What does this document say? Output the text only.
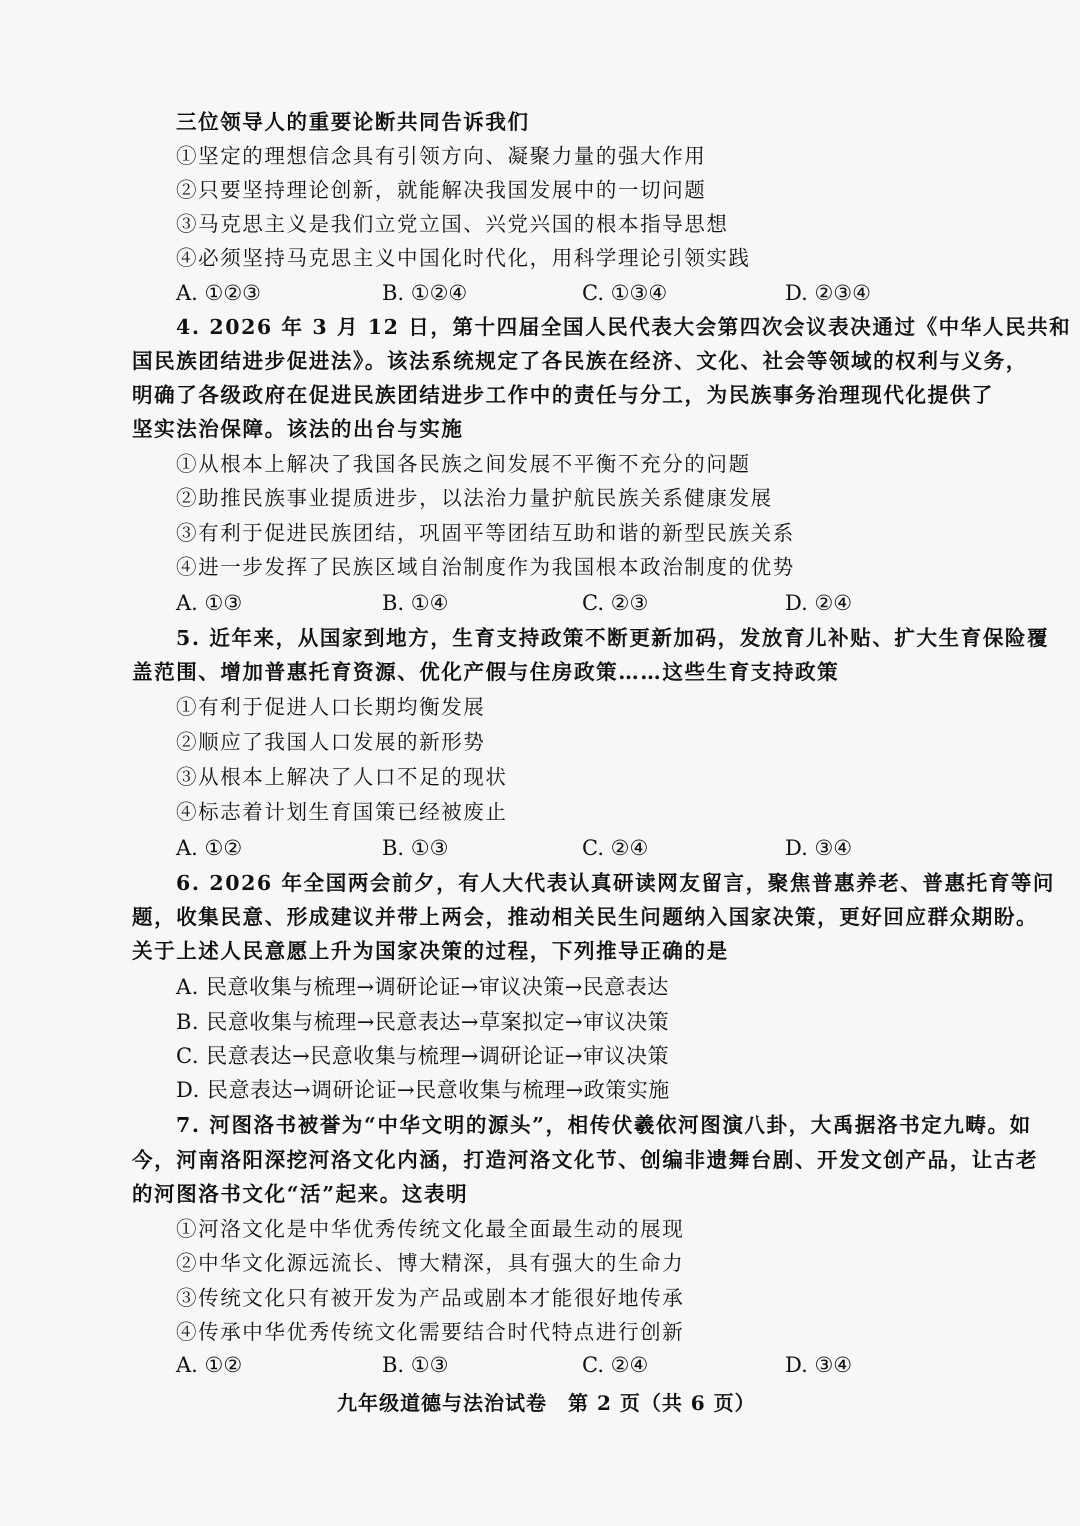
三位领导人的重要论断共同告诉我们
①坚定的理想信念具有引领方向、凝聚力量的强大作用
②只要坚持理论创新，就能解决我国发展中的一切问题
③马克思主义是我们立党立国、兴党兴国的根本指导思想
④必须坚持马克思主义中国化时代化，用科学理论引领实践
A. ①②③	B. ①②④	C. ①③④	D. ②③④
4. 2026 年 3 月 12 日，第十四届全国人民代表大会第四次会议表决通过《中华人民共和
国民族团结进步促进法》。该法系统规定了各民族在经济、文化、社会等领域的权利与义务，
明确了各级政府在促进民族团结进步工作中的责任与分工，为民族事务治理现代化提供了
坚实法治保障。该法的出台与实施
①从根本上解决了我国各民族之间发展不平衡不充分的问题
②助推民族事业提质进步，以法治力量护航民族关系健康发展
③有利于促进民族团结，巩固平等团结互助和谐的新型民族关系
④进一步发挥了民族区域自治制度作为我国根本政治制度的优势
A. ①③	B. ①④	C. ②③	D. ②④
5. 近年来，从国家到地方，生育支持政策不断更新加码，发放育儿补贴、扩大生育保险覆
盖范围、增加普惠托育资源、优化产假与住房政策……这些生育支持政策
①有利于促进人口长期均衡发展
②顺应了我国人口发展的新形势
③从根本上解决了人口不足的现状
④标志着计划生育国策已经被废止
A. ①②	B. ①③	C. ②④	D. ③④
6. 2026 年全国两会前夕，有人大代表认真研读网友留言，聚焦普惠养老、普惠托育等问
题，收集民意、形成建议并带上两会，推动相关民生问题纳入国家决策，更好回应群众期盼。
关于上述人民意愿上升为国家决策的过程，下列推导正确的是
A. 民意收集与梳理→调研论证→审议决策→民意表达
B. 民意收集与梳理→民意表达→草案拟定→审议决策
C. 民意表达→民意收集与梳理→调研论证→审议决策
D. 民意表达→调研论证→民意收集与梳理→政策实施
7. 河图洛书被誉为“中华文明的源头”，相传伏羲依河图演八卦，大禹据洛书定九畴。如
今，河南洛阳深挖河洛文化内涵，打造河洛文化节、创编非遗舞台剧、开发文创产品，让古老
的河图洛书文化“活”起来。这表明
①河洛文化是中华优秀传统文化最全面最生动的展现
②中华文化源远流长、博大精深，具有强大的生命力
③传统文化只有被开发为产品或剧本才能很好地传承
④传承中华优秀传统文化需要结合时代特点进行创新
A. ①②	B. ①③	C. ②④	D. ③④
九年级道德与法治试卷　第 2 页（共 6 页）
